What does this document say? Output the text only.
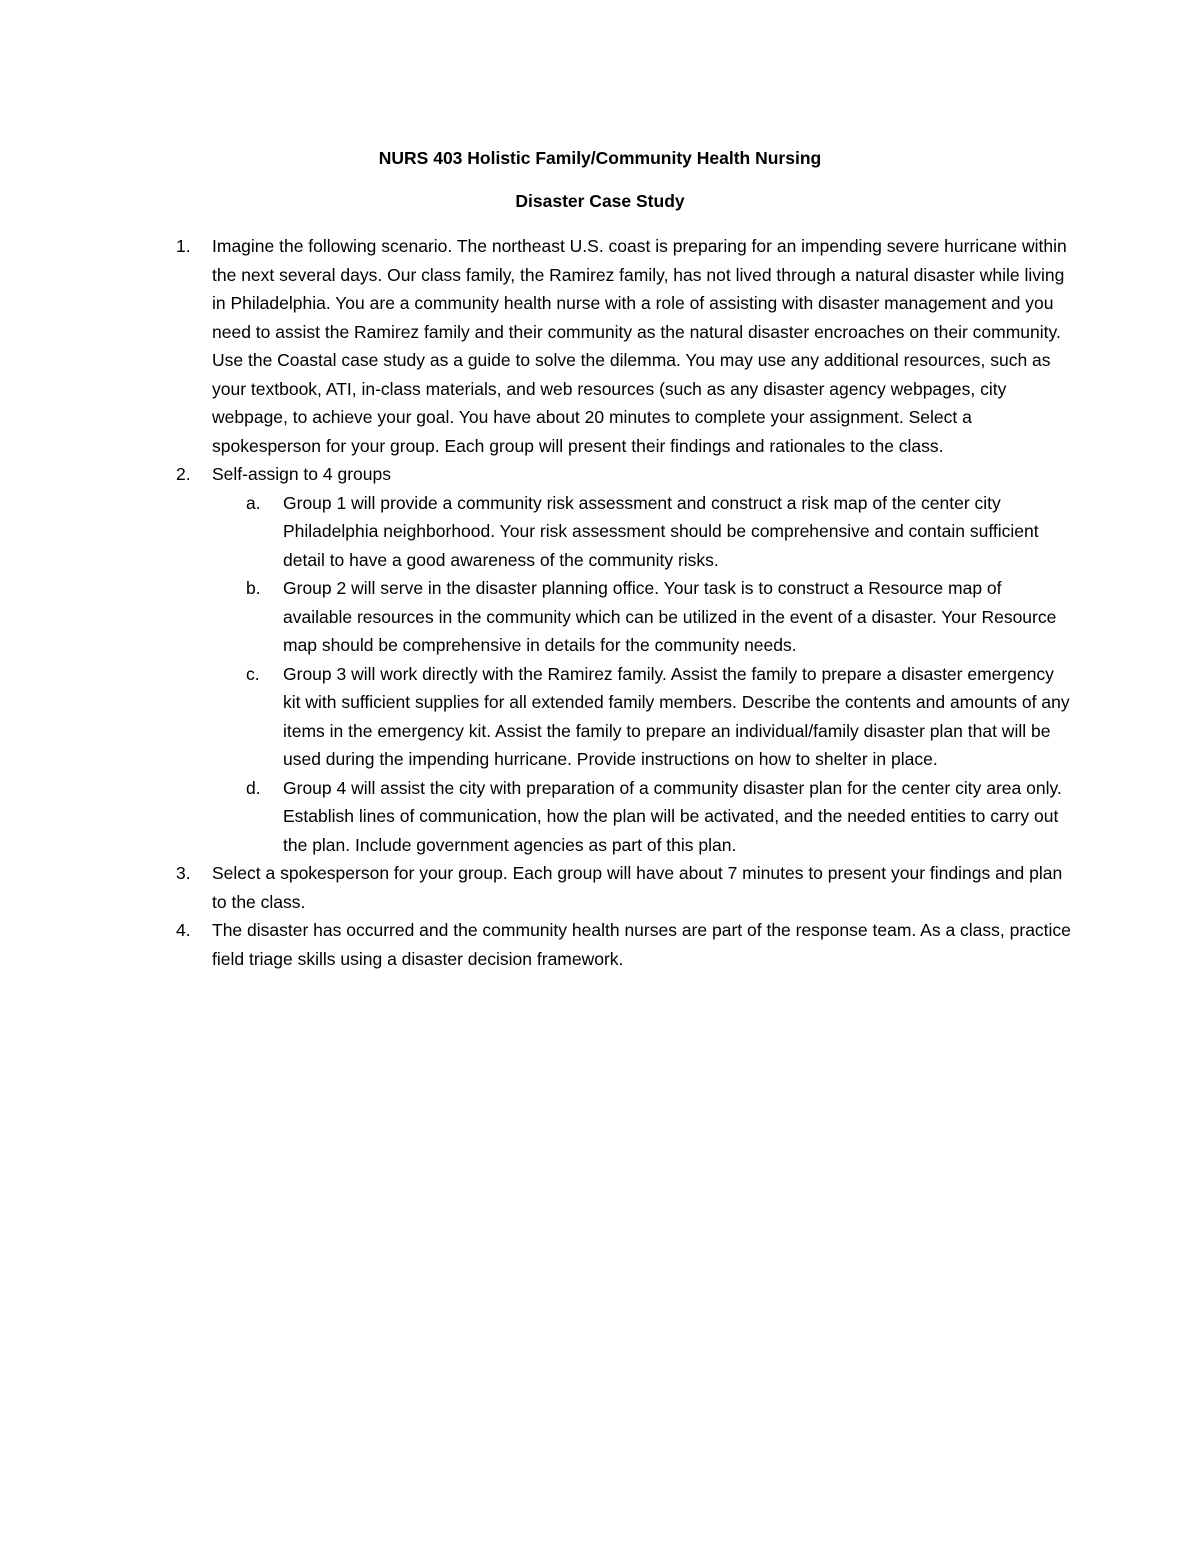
NURS 403 Holistic Family/Community Health Nursing
Disaster Case Study
1. Imagine the following scenario. The northeast U.S. coast is preparing for an impending severe hurricane within the next several days. Our class family, the Ramirez family, has not lived through a natural disaster while living in Philadelphia. You are a community health nurse with a role of assisting with disaster management and you need to assist the Ramirez family and their community as the natural disaster encroaches on their community. Use the Coastal case study as a guide to solve the dilemma. You may use any additional resources, such as your textbook, ATI, in-class materials, and web resources (such as any disaster agency webpages, city webpage, to achieve your goal. You have about 20 minutes to complete your assignment. Select a spokesperson for your group. Each group will present their findings and rationales to the class.
2. Self-assign to 4 groups
a. Group 1 will provide a community risk assessment and construct a risk map of the center city Philadelphia neighborhood. Your risk assessment should be comprehensive and contain sufficient detail to have a good awareness of the community risks.
b. Group 2 will serve in the disaster planning office. Your task is to construct a Resource map of available resources in the community which can be utilized in the event of a disaster. Your Resource map should be comprehensive in details for the community needs.
c. Group 3 will work directly with the Ramirez family. Assist the family to prepare a disaster emergency kit with sufficient supplies for all extended family members. Describe the contents and amounts of any items in the emergency kit. Assist the family to prepare an individual/family disaster plan that will be used during the impending hurricane. Provide instructions on how to shelter in place.
d. Group 4 will assist the city with preparation of a community disaster plan for the center city area only. Establish lines of communication, how the plan will be activated, and the needed entities to carry out the plan. Include government agencies as part of this plan.
3. Select a spokesperson for your group. Each group will have about 7 minutes to present your findings and plan to the class.
4. The disaster has occurred and the community health nurses are part of the response team. As a class, practice field triage skills using a disaster decision framework.
